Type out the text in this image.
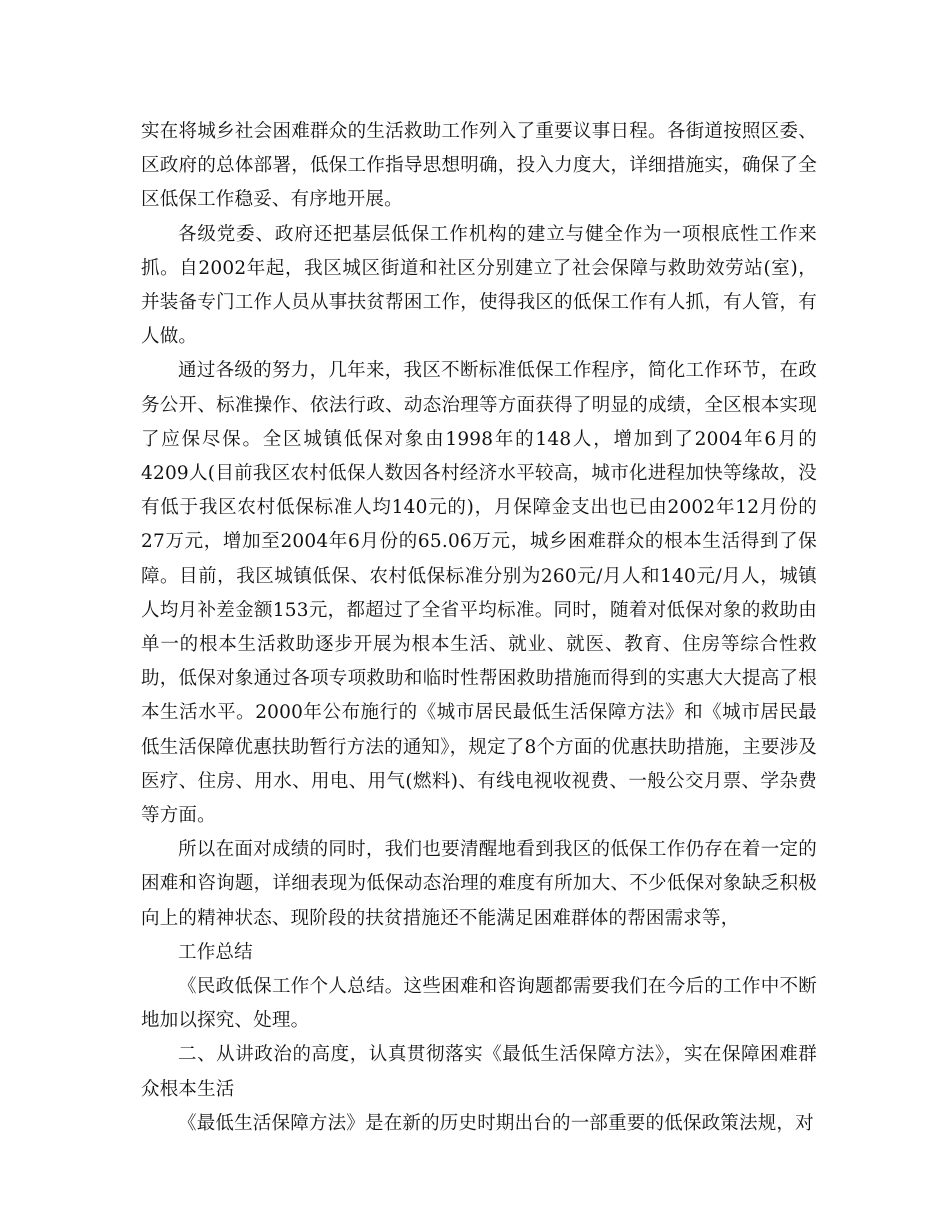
实在将城乡社会困难群众的生活救助工作列入了重要议事日程。各街道按照区委、区政府的总体部署，低保工作指导思想明确，投入力度大，详细措施实，确保了全区低保工作稳妥、有序地开展。

各级党委、政府还把基层低保工作机构的建立与健全作为一项根底性工作来抓。自2002年起，我区城区街道和社区分别建立了社会保障与救助效劳站(室)，并装备专门工作人员从事扶贫帮困工作，使得我区的低保工作有人抓，有人管，有人做。

通过各级的努力，几年来，我区不断标准低保工作程序，简化工作环节，在政务公开、标准操作、依法行政、动态治理等方面获得了明显的成绩，全区根本实现了应保尽保。全区城镇低保对象由1998年的148人，增加到了2004年6月的4209人(目前我区农村低保人数因各村经济水平较高，城市化进程加快等缘故，没有低于我区农村低保标准人均140元的)，月保障金支出也已由2002年12月份的27万元，增加至2004年6月份的65.06万元，城乡困难群众的根本生活得到了保障。目前，我区城镇低保、农村低保标准分别为260元/月人和140元/月人，城镇人均月补差金额153元，都超过了全省平均标准。同时，随着对低保对象的救助由单一的根本生活救助逐步开展为根本生活、就业、就医、教育、住房等综合性救助，低保对象通过各项专项救助和临时性帮困救助措施而得到的实惠大大提高了根本生活水平。2000年公布施行的《城市居民最低生活保障方法》和《城市居民最低生活保障优惠扶助暂行方法的通知》，规定了8个方面的优惠扶助措施，主要涉及医疗、住房、用水、用电、用气(燃料)、有线电视收视费、一般公交月票、学杂费等方面。

所以在面对成绩的同时，我们也要清醒地看到我区的低保工作仍存在着一定的困难和咨询题，详细表现为低保动态治理的难度有所加大、不少低保对象缺乏积极向上的精神状态、现阶段的扶贫措施还不能满足困难群体的帮困需求等，

工作总结

《民政低保工作个人总结。这些困难和咨询题都需要我们在今后的工作中不断地加以探究、处理。

二、从讲政治的高度，认真贯彻落实《最低生活保障方法》，实在保障困难群众根本生活

《最低生活保障方法》是在新的历史时期出台的一部重要的低保政策法规，对
